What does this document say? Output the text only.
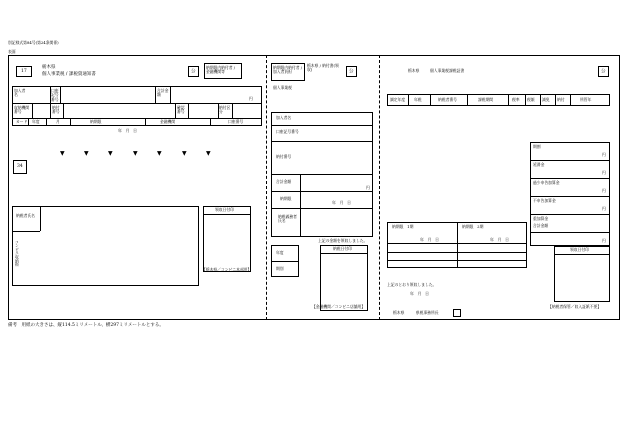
別記様式第84号(第24条関係)
表面
17
栃木県
個人事業税 / 課税資通知書
公
納期限内納付者 / 金融機関等
加入者名
口座記号番号
合計金額
円
収納機関番号
納付番号
確認番号
納付区分
カード 年度	月	納期限	金融機関	口座番号
年　月　日
▼	▼	▼	▼	▼	▼	▼
34
納税者氏名
コンビニ収納料
領収日付印
【栃木県／コンビニ本部用】
納期限内納付者 / 加入者負担
栃木県 / 納付書(領収)	公
個人事業税
加入者名
口座記号番号
納付番号
合計金額
円
納期限
年　月　日
納税義務者氏名
上記の金額を領収しました。
年度
期別
納税日付印
【金融機関／コンビニ店舗用】
栃木県	個人事業税課税証書	公
調定年度 年税	納税者番号	課税期間	税率 税額 減免 納付	所管年
期割
延滞金
過少申告加算金
不申告加算金
重加算金
合計金額
円
円
円
円
円
納期限　1期	納期限　2期
年　月　日	年　月　日
上記のとおり領収しました。
年　月　日
栃木県　　　県税事務所長
領収日付印
【納税者保管／収入証紙不要】
備考　用紙の大きさは、縦114.5ミリメートル、横297ミリメートルとする。
